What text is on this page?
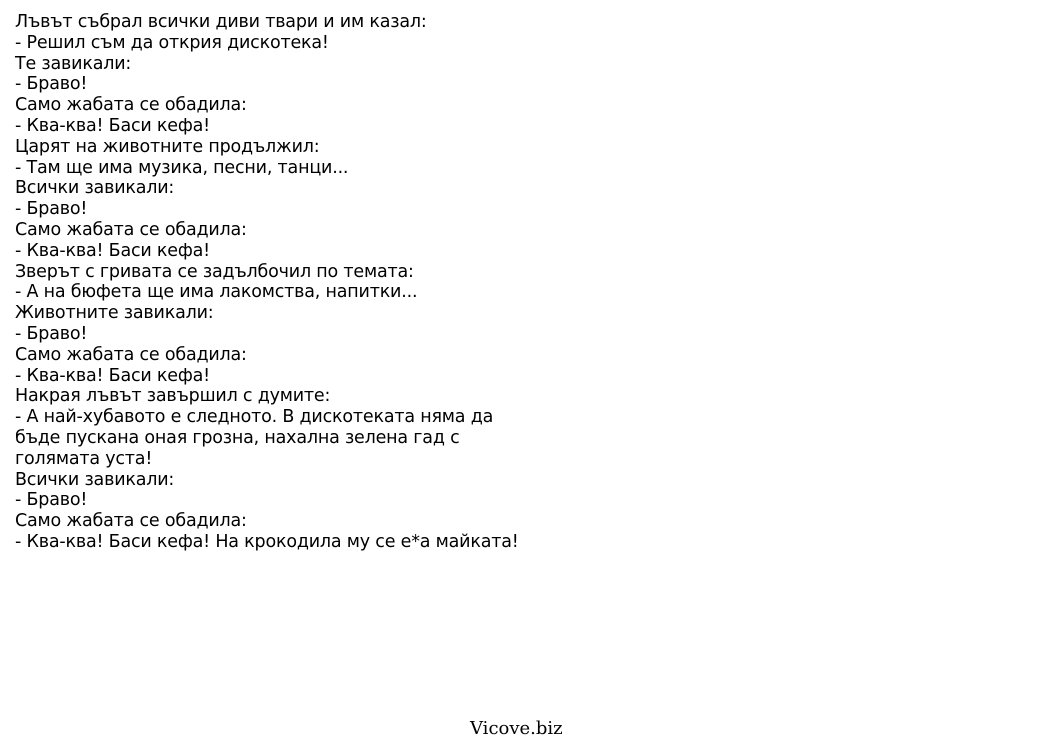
Лъвът събрал всички диви твари и им казал:
- Решил съм да открия дискотека!
Те завикали:
- Браво!
Само жабата се обадила:
- Ква-ква! Баси кефа!
Царят на животните продължил:
- Там ще има музика, песни, танци...
Всички завикали:
- Браво!
Само жабата се обадила:
- Ква-ква! Баси кефа!
Зверът с гривата се задълбочил по темата:
- А на бюфета ще има лакомства, напитки...
Животните завикали:
- Браво!
Само жабата се обадила:
- Ква-ква! Баси кефа!
Накрая лъвът завършил с думите:
- А най-хубавото е следното. В дискотеката няма да
бъде пускана оная грозна, нахална зелена гад с
голямата уста!
Всички завикали:
- Браво!
Само жабата се обадила:
- Ква-ква! Баси кефа! На крокодила му се е*а майката!
Vicove.biz
